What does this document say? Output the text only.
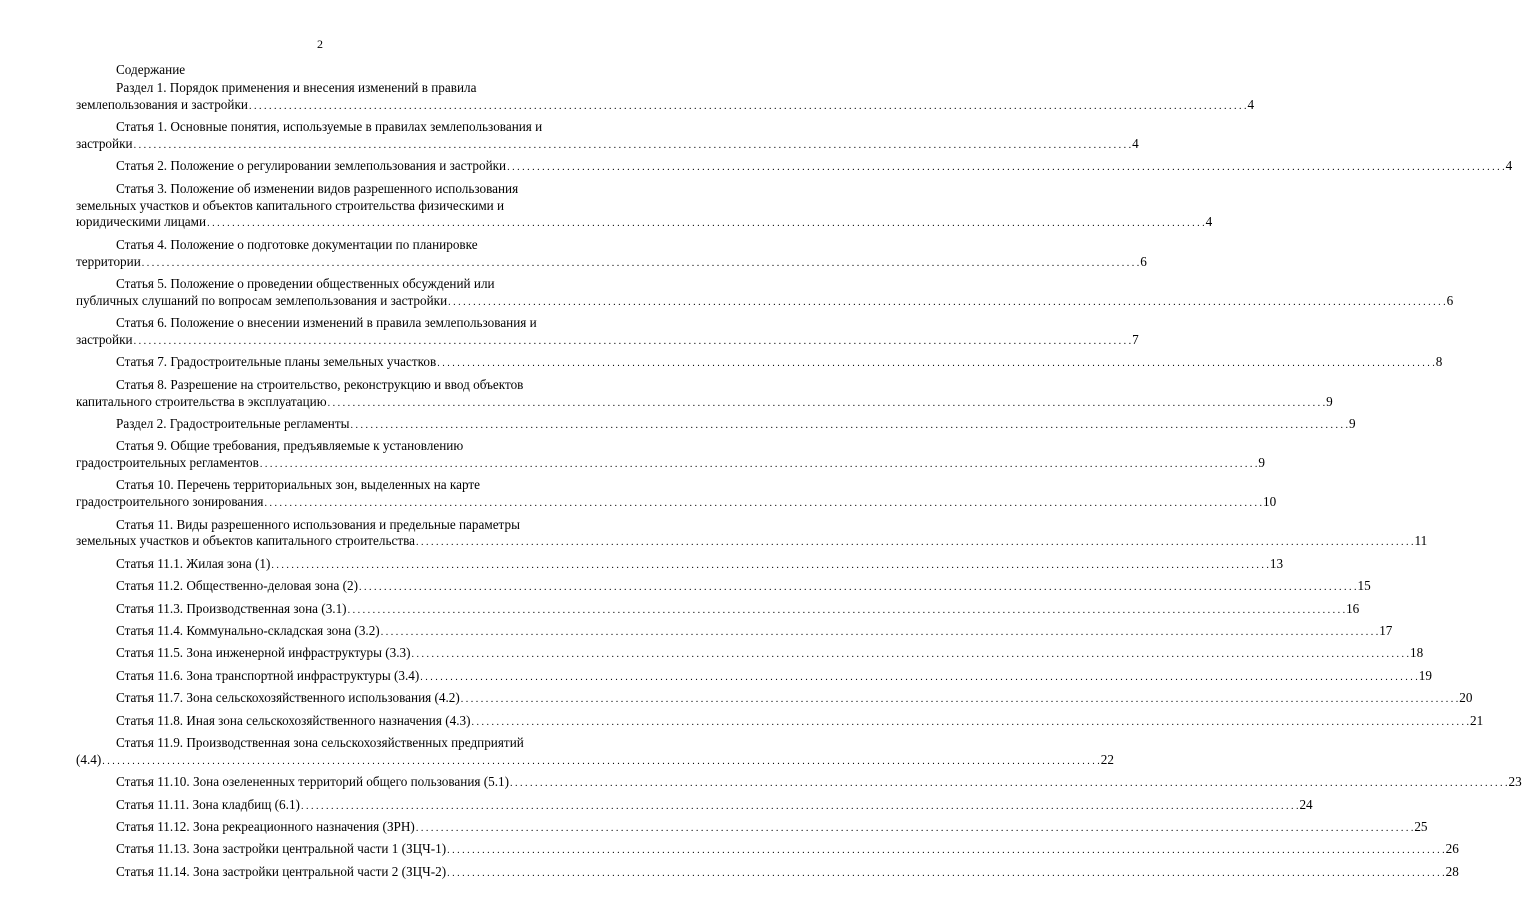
2
Содержание
Раздел 1. Порядок применения и внесения изменений в правила
землепользования и застройки . . . . . . . . . . . . . . . . . . . . . . . . . . . . . . . . . . . . . . . . . . . . . . . . . . . . . . . . . . . . . . . . . . . . . . . . . . . . . . . . . . . . . . . . . . . . . . . . . . . . . . . . . . . . . . . . . . . . . . . . . . . . . . . . . . . . . . . . . . . . . . . . . . . . . . . . . . . . . . . . . . . . . . . . . . . . . . . . . . . . . . . . . . . . . . . . . . . . . . . . 4
Статья 1. Основные понятия, используемые в правилах землепользования и
застройки . . . . . . . . . . . . . . . . . . . . . . . . . . . . . . . . . . . . . . . . . . . . . . . . . . . . . . . . . . . . . . . . . . . . . . . . . . . . . . . . . . . . . . . . . . . . . . . . . . . . . . . . . . . . . . . . . . . . . . . . . . . . . . . . . . . . . . . . . . . . . . . . . . . . . . . . . . . . . . . . . . . . . . . . . . . . . . . . . . . . . . . . . . . . . . . . . . . . . . . . 4
Статья 2. Положение о регулировании землепользования и застройки . . . . . . . . . . . . . . . . . . . . . . . . . . . . . . . . . . . . . . . . . . . . . . . . . . . . . . . . . . . . . . . . . . . . . . . . . . . . . . . . . . . . . . . . . . . . . . . . . . . . . . . . . . . . . . . . . . . . . . . . . . . . . . . . . . . . . . . . . . . . . . . . . . . . . . . . . . . . . . . . . . . . . . . . . . . . . . . . . . . . . . . . . . . . . . . . . . . . . . . . 4
Статья 3. Положение об изменении видов разрешенного использования
земельных участков и объектов капитального строительства физическими и
юридическими лицами . . . . . . . . . . . . . . . . . . . . . . . . . . . . . . . . . . . . . . . . . . . . . . . . . . . . . . . . . . . . . . . . . . . . . . . . . . . . . . . . . . . . . . . . . . . . . . . . . . . . . . . . . . . . . . . . . . . . . . . . . . . . . . . . . . . . . . . . . . . . . . . . . . . . . . . . . . . . . . . . . . . . . . . . . . . . . . . . . . . . . . . . . . . . . . . . . . . . . . . . 4
Статья 4. Положение о подготовке документации по планировке
территории . . . . . . . . . . . . . . . . . . . . . . . . . . . . . . . . . . . . . . . . . . . . . . . . . . . . . . . . . . . . . . . . . . . . . . . . . . . . . . . . . . . . . . . . . . . . . . . . . . . . . . . . . . . . . . . . . . . . . . . . . . . . . . . . . . . . . . . . . . . . . . . . . . . . . . . . . . . . . . . . . . . . . . . . . . . . . . . . . . . . . . . . . . . . . . . . . . . . . . . . 6
Статья 5. Положение о проведении общественных обсуждений или
публичных слушаний по вопросам землепользования и застройки . . . . . . . . . . . . . . . . . . . . . . . . . . . . . . . . . . . . . . . . . . . . . . . . . . . . . . . . . . . . . . . . . . . . . . . . . . . . . . . . . . . . . . . . . . . . . . . . . . . . . . . . . . . . . . . . . . . . . . . . . . . . . . . . . . . . . . . . . . . . . . . . . . . . . . . . . . . . . . . . . . . . . . . . . . . . . . . . . . . . . . . . . . . . . . . . . . . . . . . . 6
Статья 6. Положение о внесении изменений в правила землепользования и
застройки . . . . . . . . . . . . . . . . . . . . . . . . . . . . . . . . . . . . . . . . . . . . . . . . . . . . . . . . . . . . . . . . . . . . . . . . . . . . . . . . . . . . . . . . . . . . . . . . . . . . . . . . . . . . . . . . . . . . . . . . . . . . . . . . . . . . . . . . . . . . . . . . . . . . . . . . . . . . . . . . . . . . . . . . . . . . . . . . . . . . . . . . . . . . . . . . . . . . . . . . 7
Статья 7. Градостроительные планы земельных участков . . . . . . . . . . . . . . . . . . . . . . . . . . . . . . . . . . . . . . . . . . . . . . . . . . . . . . . . . . . . . . . . . . . . . . . . . . . . . . . . . . . . . . . . . . . . . . . . . . . . . . . . . . . . . . . . . . . . . . . . . . . . . . . . . . . . . . . . . . . . . . . . . . . . . . . . . . . . . . . . . . . . . . . . . . . . . . . . . . . . . . . . . . . . . . . . . . . . . . . . 8
Статья 8. Разрешение на строительство, реконструкцию и ввод объектов
капитального строительства в эксплуатацию . . . . . . . . . . . . . . . . . . . . . . . . . . . . . . . . . . . . . . . . . . . . . . . . . . . . . . . . . . . . . . . . . . . . . . . . . . . . . . . . . . . . . . . . . . . . . . . . . . . . . . . . . . . . . . . . . . . . . . . . . . . . . . . . . . . . . . . . . . . . . . . . . . . . . . . . . . . . . . . . . . . . . . . . . . . . . . . . . . . . . . . . . . . . . . . . . . . . . . . . 9
Раздел 2. Градостроительные регламенты . . . . . . . . . . . . . . . . . . . . . . . . . . . . . . . . . . . . . . . . . . . . . . . . . . . . . . . . . . . . . . . . . . . . . . . . . . . . . . . . . . . . . . . . . . . . . . . . . . . . . . . . . . . . . . . . . . . . . . . . . . . . . . . . . . . . . . . . . . . . . . . . . . . . . . . . . . . . . . . . . . . . . . . . . . . . . . . . . . . . . . . . . . . . . . . . . . . . . . . . 9
Статья 9. Общие требования, предъявляемые к установлению
градостроительных регламентов . . . . . . . . . . . . . . . . . . . . . . . . . . . . . . . . . . . . . . . . . . . . . . . . . . . . . . . . . . . . . . . . . . . . . . . . . . . . . . . . . . . . . . . . . . . . . . . . . . . . . . . . . . . . . . . . . . . . . . . . . . . . . . . . . . . . . . . . . . . . . . . . . . . . . . . . . . . . . . . . . . . . . . . . . . . . . . . . . . . . . . . . . . . . . . . . . . . . . . . . 9
Статья 10. Перечень территориальных зон, выделенных на карте
градостроительного зонирования . . . . . . . . . . . . . . . . . . . . . . . . . . . . . . . . . . . . . . . . . . . . . . . . . . . . . . . . . . . . . . . . . . . . . . . . . . . . . . . . . . . . . . . . . . . . . . . . . . . . . . . . . . . . . . . . . . . . . . . . . . . . . . . . . . . . . . . . . . . . . . . . . . . . . . . . . . . . . . . . . . . . . . . . . . . . . . . . . . . . . . . . . . . . . . . . . . . . . . . . 10
Статья 11. Виды разрешенного использования и предельные параметры
земельных участков и объектов капитального строительства . . . . . . . . . . . . . . . . . . . . . . . . . . . . . . . . . . . . . . . . . . . . . . . . . . . . . . . . . . . . . . . . . . . . . . . . . . . . . . . . . . . . . . . . . . . . . . . . . . . . . . . . . . . . . . . . . . . . . . . . . . . . . . . . . . . . . . . . . . . . . . . . . . . . . . . . . . . . . . . . . . . . . . . . . . . . . . . . . . . . . . . . . . . . . . . . . . . . . . . . 11
Статья 11.1. Жилая зона (1) . . . . . . . . . . . . . . . . . . . . . . . . . . . . . . . . . . . . . . . . . . . . . . . . . . . . . . . . . . . . . . . . . . . . . . . . . . . . . . . . . . . . . . . . . . . . . . . . . . . . . . . . . . . . . . . . . . . . . . . . . . . . . . . . . . . . . . . . . . . . . . . . . . . . . . . . . . . . . . . . . . . . . . . . . . . . . . . . . . . . . . . . . . . . . . . . . . . . . . . . 13
Статья 11.2. Общественно-деловая зона (2) . . . . . . . . . . . . . . . . . . . . . . . . . . . . . . . . . . . . . . . . . . . . . . . . . . . . . . . . . . . . . . . . . . . . . . . . . . . . . . . . . . . . . . . . . . . . . . . . . . . . . . . . . . . . . . . . . . . . . . . . . . . . . . . . . . . . . . . . . . . . . . . . . . . . . . . . . . . . . . . . . . . . . . . . . . . . . . . . . . . . . . . . . . . . . . . . . . . . . . . . 15
Статья 11.3. Производственная зона (3.1) . . . . . . . . . . . . . . . . . . . . . . . . . . . . . . . . . . . . . . . . . . . . . . . . . . . . . . . . . . . . . . . . . . . . . . . . . . . . . . . . . . . . . . . . . . . . . . . . . . . . . . . . . . . . . . . . . . . . . . . . . . . . . . . . . . . . . . . . . . . . . . . . . . . . . . . . . . . . . . . . . . . . . . . . . . . . . . . . . . . . . . . . . . . . . . . . . . . . . . . . 16
Статья 11.4. Коммунально-складская зона (3.2) . . . . . . . . . . . . . . . . . . . . . . . . . . . . . . . . . . . . . . . . . . . . . . . . . . . . . . . . . . . . . . . . . . . . . . . . . . . . . . . . . . . . . . . . . . . . . . . . . . . . . . . . . . . . . . . . . . . . . . . . . . . . . . . . . . . . . . . . . . . . . . . . . . . . . . . . . . . . . . . . . . . . . . . . . . . . . . . . . . . . . . . . . . . . . . . . . . . . . . . . 17
Статья 11.5. Зона инженерной инфраструктуры (3.3) . . . . . . . . . . . . . . . . . . . . . . . . . . . . . . . . . . . . . . . . . . . . . . . . . . . . . . . . . . . . . . . . . . . . . . . . . . . . . . . . . . . . . . . . . . . . . . . . . . . . . . . . . . . . . . . . . . . . . . . . . . . . . . . . . . . . . . . . . . . . . . . . . . . . . . . . . . . . . . . . . . . . . . . . . . . . . . . . . . . . . . . . . . . . . . . . . . . . . . . . 18
Статья 11.6. Зона транспортной инфраструктуры (3.4) . . . . . . . . . . . . . . . . . . . . . . . . . . . . . . . . . . . . . . . . . . . . . . . . . . . . . . . . . . . . . . . . . . . . . . . . . . . . . . . . . . . . . . . . . . . . . . . . . . . . . . . . . . . . . . . . . . . . . . . . . . . . . . . . . . . . . . . . . . . . . . . . . . . . . . . . . . . . . . . . . . . . . . . . . . . . . . . . . . . . . . . . . . . . . . . . . . . . . . . . 19
Статья 11.7. Зона сельскохозяйственного использования (4.2) . . . . . . . . . . . . . . . . . . . . . . . . . . . . . . . . . . . . . . . . . . . . . . . . . . . . . . . . . . . . . . . . . . . . . . . . . . . . . . . . . . . . . . . . . . . . . . . . . . . . . . . . . . . . . . . . . . . . . . . . . . . . . . . . . . . . . . . . . . . . . . . . . . . . . . . . . . . . . . . . . . . . . . . . . . . . . . . . . . . . . . . . . . . . . . . . . . . . . . . . 20
Статья 11.8. Иная зона сельскохозяйственного назначения (4.3) . . . . . . . . . . . . . . . . . . . . . . . . . . . . . . . . . . . . . . . . . . . . . . . . . . . . . . . . . . . . . . . . . . . . . . . . . . . . . . . . . . . . . . . . . . . . . . . . . . . . . . . . . . . . . . . . . . . . . . . . . . . . . . . . . . . . . . . . . . . . . . . . . . . . . . . . . . . . . . . . . . . . . . . . . . . . . . . . . . . . . . . . . . . . . . . . . . . . . . . . 21
Статья 11.9. Производственная зона сельскохозяйственных предприятий
(4.4) . . . . . . . . . . . . . . . . . . . . . . . . . . . . . . . . . . . . . . . . . . . . . . . . . . . . . . . . . . . . . . . . . . . . . . . . . . . . . . . . . . . . . . . . . . . . . . . . . . . . . . . . . . . . . . . . . . . . . . . . . . . . . . . . . . . . . . . . . . . . . . . . . . . . . . . . . . . . . . . . . . . . . . . . . . . . . . . . . . . . . . . . . . . . . . . . . . . . . . . . 22
Статья 11.10. Зона озелененных территорий общего пользования (5.1) . . . . . . . . . . . . . . . . . . . . . . . . . . . . . . . . . . . . . . . . . . . . . . . . . . . . . . . . . . . . . . . . . . . . . . . . . . . . . . . . . . . . . . . . . . . . . . . . . . . . . . . . . . . . . . . . . . . . . . . . . . . . . . . . . . . . . . . . . . . . . . . . . . . . . . . . . . . . . . . . . . . . . . . . . . . . . . . . . . . . . . . . . . . . . . . . . . . . . . . . 23
Статья 11.11. Зона кладбищ (6.1) . . . . . . . . . . . . . . . . . . . . . . . . . . . . . . . . . . . . . . . . . . . . . . . . . . . . . . . . . . . . . . . . . . . . . . . . . . . . . . . . . . . . . . . . . . . . . . . . . . . . . . . . . . . . . . . . . . . . . . . . . . . . . . . . . . . . . . . . . . . . . . . . . . . . . . . . . . . . . . . . . . . . . . . . . . . . . . . . . . . . . . . . . . . . . . . . . . . . . . . . 24
Статья 11.12. Зона рекреационного назначения (ЗРН) . . . . . . . . . . . . . . . . . . . . . . . . . . . . . . . . . . . . . . . . . . . . . . . . . . . . . . . . . . . . . . . . . . . . . . . . . . . . . . . . . . . . . . . . . . . . . . . . . . . . . . . . . . . . . . . . . . . . . . . . . . . . . . . . . . . . . . . . . . . . . . . . . . . . . . . . . . . . . . . . . . . . . . . . . . . . . . . . . . . . . . . . . . . . . . . . . . . . . . . . 25
Статья 11.13. Зона застройки центральной части 1 (ЗЦЧ-1) . . . . . . . . . . . . . . . . . . . . . . . . . . . . . . . . . . . . . . . . . . . . . . . . . . . . . . . . . . . . . . . . . . . . . . . . . . . . . . . . . . . . . . . . . . . . . . . . . . . . . . . . . . . . . . . . . . . . . . . . . . . . . . . . . . . . . . . . . . . . . . . . . . . . . . . . . . . . . . . . . . . . . . . . . . . . . . . . . . . . . . . . . . . . . . . . . . . . . . . . 26
Статья 11.14. Зона застройки центральной части 2 (ЗЦЧ-2) . . . . . . . . . . . . . . . . . . . . . . . . . . . . . . . . . . . . . . . . . . . . . . . . . . . . . . . . . . . . . . . . . . . . . . . . . . . . . . . . . . . . . . . . . . . . . . . . . . . . . . . . . . . . . . . . . . . . . . . . . . . . . . . . . . . . . . . . . . . . . . . . . . . . . . . . . . . . . . . . . . . . . . . . . . . . . . . . . . . . . . . . . . . . . . . . . . . . . . . . 28
